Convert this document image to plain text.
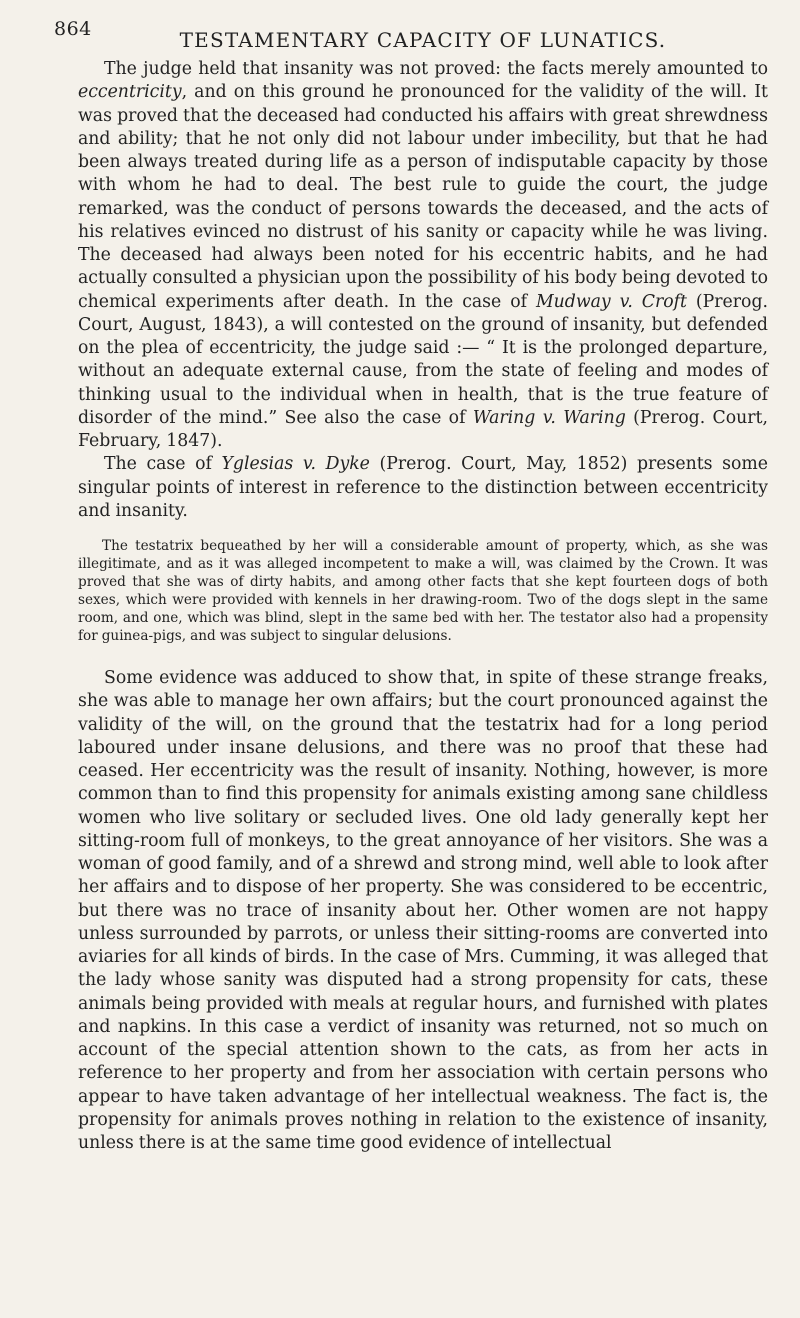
864	TESTAMENTARY CAPACITY OF LUNATICS.

The judge held that insanity was not proved: the facts merely amounted to eccentricity, and on this ground he pronounced for the validity of the will. It was proved that the deceased had conducted his affairs with great shrewdness and ability; that he not only did not labour under imbecility, but that he had been always treated during life as a person of indisputable capacity by those with whom he had to deal. The best rule to guide the court, the judge remarked, was the conduct of persons towards the deceased, and the acts of his relatives evinced no distrust of his sanity or capacity while he was living. The deceased had always been noted for his eccentric habits, and he had actually consulted a physician upon the possibility of his body being devoted to chemical experiments after death. In the case of Mudway v. Croft (Prerog. Court, August, 1843), a will contested on the ground of insanity, but defended on the plea of eccentricity, the judge said :— “ It is the prolonged departure, without an adequate external cause, from the state of feeling and modes of thinking usual to the individual when in health, that is the true feature of disorder of the mind.” See also the case of Waring v. Waring (Prerog. Court, February, 1847).

The case of Yglesias v. Dyke (Prerog. Court, May, 1852) presents some singular points of interest in reference to the distinction between eccentricity and insanity.

The testatrix bequeathed by her will a considerable amount of property, which, as she was illegitimate, and as it was alleged incompetent to make a will, was claimed by the Crown. It was proved that she was of dirty habits, and among other facts that she kept fourteen dogs of both sexes, which were provided with kennels in her drawing-room. Two of the dogs slept in the same room, and one, which was blind, slept in the same bed with her. The testator also had a propensity for guinea-pigs, and was subject to singular delusions.

Some evidence was adduced to show that, in spite of these strange freaks, she was able to manage her own affairs; but the court pronounced against the validity of the will, on the ground that the testatrix had for a long period laboured under insane delusions, and there was no proof that these had ceased. Her eccentricity was the result of insanity. Nothing, however, is more common than to find this propensity for animals existing among sane childless women who live solitary or secluded lives. One old lady generally kept her sitting-room full of monkeys, to the great annoyance of her visitors. She was a woman of good family, and of a shrewd and strong mind, well able to look after her affairs and to dispose of her property. She was considered to be eccentric, but there was no trace of insanity about her. Other women are not happy unless surrounded by parrots, or unless their sitting-rooms are converted into aviaries for all kinds of birds. In the case of Mrs. Cumming, it was alleged that the lady whose sanity was disputed had a strong propensity for cats, these animals being provided with meals at regular hours, and furnished with plates and napkins. In this case a verdict of insanity was returned, not so much on account of the special attention shown to the cats, as from her acts in reference to her property and from her association with certain persons who appear to have taken advantage of her intellectual weakness. The fact is, the propensity for animals proves nothing in relation to the existence of insanity, unless there is at the same time good evidence of intellectual
